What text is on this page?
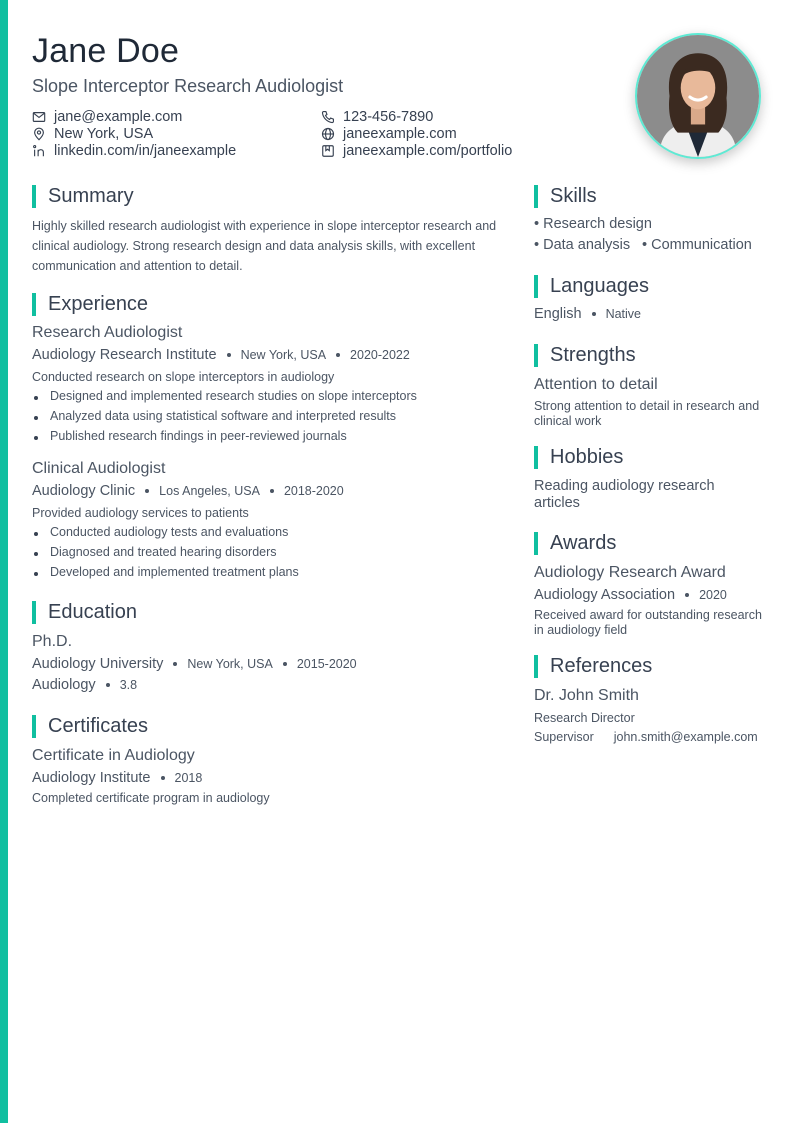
Jane Doe
Slope Interceptor Research Audiologist
jane@example.com
New York, USA
linkedin.com/in/janeexample
123-456-7890
janeexample.com
janeexample.com/portfolio
Summary
Highly skilled research audiologist with experience in slope interceptor research and clinical audiology. Strong research design and data analysis skills, with excellent communication and attention to detail.
Experience
Research Audiologist
Audiology Research Institute New York, USA 2020-2022
Conducted research on slope interceptors in audiology
Designed and implemented research studies on slope interceptors
Analyzed data using statistical software and interpreted results
Published research findings in peer-reviewed journals
Clinical Audiologist
Audiology Clinic Los Angeles, USA 2018-2020
Provided audiology services to patients
Conducted audiology tests and evaluations
Diagnosed and treated hearing disorders
Developed and implemented treatment plans
Education
Ph.D.
Audiology University New York, USA 2015-2020
Audiology 3.8
Certificates
Certificate in Audiology
Audiology Institute 2018
Completed certificate program in audiology
Skills
• Research design
• Data analysis • Communication
Languages
English Native
Strengths
Attention to detail
Strong attention to detail in research and clinical work
Hobbies
Reading audiology research articles
Awards
Audiology Research Award
Audiology Association 2020
Received award for outstanding research in audiology field
References
Dr. John Smith
Research Director
Supervisor john.smith@example.com
